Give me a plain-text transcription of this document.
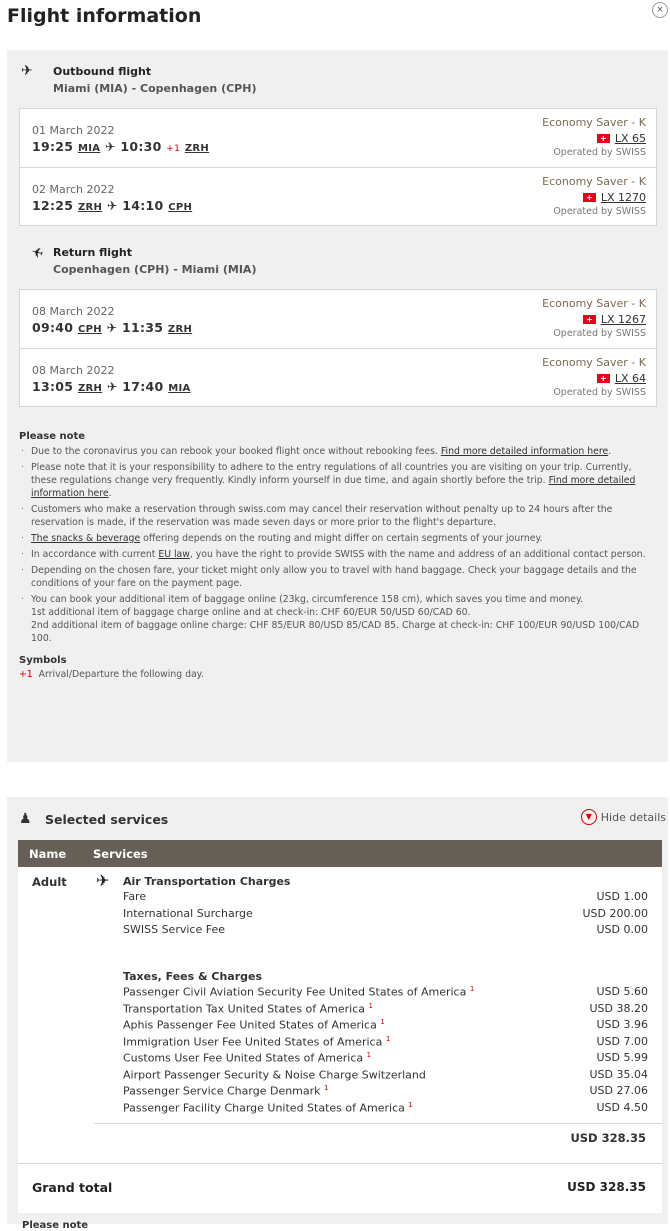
Flight information	×
✈	Outbound flight
Miami (MIA) - Copenhagen (CPH)
01 March 2022
19:25 MIA ✈ 10:30 +1 ZRH
Economy Saver - K
+ LX 65
Operated by SWISS
02 March 2022
12:25 ZRH ✈ 14:10 CPH
Economy Saver - K
+ LX 1270
Operated by SWISS
✈ Return flight
Copenhagen (CPH) - Miami (MIA)
08 March 2022
09:40 CPH ✈ 11:35 ZRH
Economy Saver - K
+ LX 1267
Operated by SWISS
08 March 2022
13:05 ZRH ✈ 17:40 MIA
Economy Saver - K
+ LX 64
Operated by SWISS
Please note
· Due to the coronavirus you can rebook your booked flight once without rebooking fees. Find more detailed information here.
· Please note that it is your responsibility to adhere to the entry regulations of all countries you are visiting on your trip. Currently, these regulations change very frequently. Kindly inform yourself in due time, and again shortly before the trip. Find more detailed information here.
· Customers who make a reservation through swiss.com may cancel their reservation without penalty up to 24 hours after the reservation is made, if the reservation was made seven days or more prior to the flight's departure.
· The snacks & beverage offering depends on the routing and might differ on certain segments of your journey.
· In accordance with current EU law, you have the right to provide SWISS with the name and address of an additional contact person.
· Depending on the chosen fare, your ticket might only allow you to travel with hand baggage. Check your baggage details and the conditions of your fare on the payment page.
· You can book your additional item of baggage online (23kg, circumference 158 cm), which saves you time and money.
1st additional item of baggage charge online and at check-in: CHF 60/EUR 50/USD 60/CAD 60.
2nd additional item of baggage online charge: CHF 85/EUR 80/USD 85/CAD 85. Charge at check-in: CHF 100/EUR 90/USD 100/CAD 100.
Symbols
+1 Arrival/Departure the following day.
♟	Selected services	▼ Hide details
Name	Services
Adult ✈ Air Transportation Charges
Fare	USD 1.00
International Surcharge	USD 200.00
SWISS Service Fee	USD 0.00
Taxes, Fees & Charges
Passenger Civil Aviation Security Fee United States of America $^1$	USD 5.60
Transportation Tax United States of America $^1$	USD 38.20
Aphis Passenger Fee United States of America $^1$	USD 3.96
Immigration User Fee United States of America $^1$	USD 7.00
Customs User Fee United States of America $^1$	USD 5.99
Airport Passenger Security & Noise Charge Switzerland	USD 35.04
Passenger Service Charge Denmark $^1$	USD 27.06
Passenger Facility Charge United States of America $^1$	USD 4.50
USD 328.35
Grand total	USD 328.35
Please note
